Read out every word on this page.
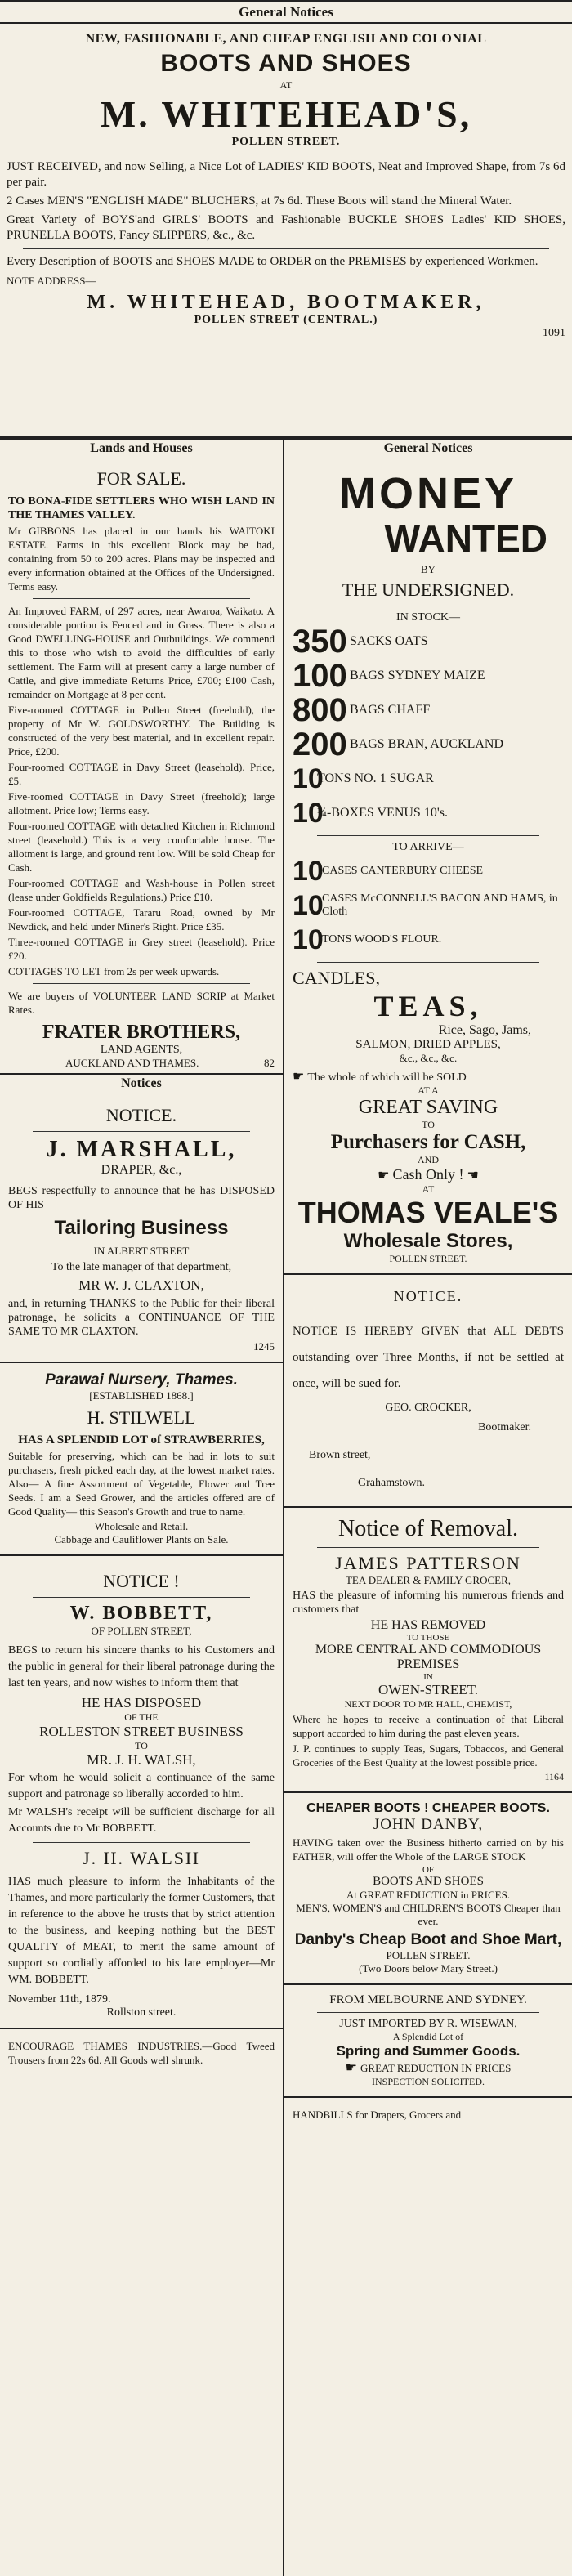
General Notices
NEW, FASHIONABLE, AND CHEAP ENGLISH AND COLONIAL
BOOTS AND SHOES
AT
M. WHITEHEAD'S,
POLLEN STREET.
JUST RECEIVED, and now Selling, a Nice Lot of LADIES' KID BOOTS, Neat and Improved Shape, from 7s 6d per pair.
2 Cases MEN'S "ENGLISH MADE" BLUCHERS, at 7s 6d. These Boots will stand the Mineral Water.
Great Variety of BOYS'and GIRLS' BOOTS and Fashionable BUCKLE SHOES Ladies' KID SHOES, PRUNELLA BOOTS, Fancy SLIPPERS, &c., &c.
Every Description of BOOTS and SHOES MADE to ORDER on the PREMISES by experienced Workmen.
NOTE ADDRESS—
M. WHITEHEAD, BOOTMAKER,
POLLEN STREET (CENTRAL.)
1091
Lands and Houses
FOR SALE.
TO BONA-FIDE SETTLERS WHO WISH LAND IN THE THAMES VALLEY.
Mr GIBBONS has placed in our hands his WAITOKI ESTATE. Farms in this excellent Block may be had, containing from 50 to 200 acres. Plans may be inspected and every information obtained at the Offices of the Undersigned. Terms easy.
An Improved FARM, of 297 acres, near Awaroa, Waikato. A considerable portion is Fenced and in Grass. There is also a Good DWELLING-HOUSE and Outbuildings. We commend this to those who wish to avoid the difficulties of early settlement. The Farm will at present carry a large number of Cattle, and give immediate Returns Price, £700; £100 Cash, remainder on Mortgage at 8 per cent.
Five-roomed COTTAGE in Pollen Street (freehold), the property of Mr W. GOLDSWORTHY. The Building is constructed of the very best material, and in excellent repair. Price, £200.
Four-roomed COTTAGE in Davy Street (leasehold). Price, £5.
Five-roomed COTTAGE in Davy Street (freehold); large allotment. Price low; Terms easy.
Four-roomed COTTAGE with detached Kitchen in Richmond street (leasehold.) This is a very comfortable house. The allotment is large, and ground rent low. Will be sold Cheap for Cash.
Four-roomed COTTAGE and Wash-house in Pollen street (lease under Goldfields Regulations.) Price £10.
Four-roomed COTTAGE, Tararu Road, owned by Mr Newdick, and held under Miner's Right. Price £35.
Three-roomed COTTAGE in Grey street (leasehold). Price £20.
COTTAGES TO LET from 2s per week upwards.
We are buyers of VOLUNTEER LAND SCRIP at Market Rates.
FRATER BROTHERS,
LAND AGENTS,
AUCKLAND AND THAMES.	82
Notices
NOTICE.
J. MARSHALL,
DRAPER, &c.,
BEGS respectfully to announce that he has DISPOSED OF HIS
Tailoring Business
IN ALBERT STREET
To the late manager of that department,
MR W. J. CLAXTON,
and, in returning THANKS to the Public for their liberal patronage, he solicits a CONTINUANCE OF THE SAME TO MR CLAXTON.
1245
Parawai Nursery, Thames.
[ESTABLISHED 1868.]
H. STILWELL
HAS A SPLENDID LOT of STRAWBERRIES,
Suitable for preserving, which can be had in lots to suit purchasers, fresh picked each day, at the lowest market rates. Also— A fine Assortment of Vegetable, Flower and Tree Seeds. I am a Seed Grower, and the articles offered are of Good Quality— this Season's Growth and true to name.
Wholesale and Retail.
Cabbage and Cauliflower Plants on Sale.
NOTICE !
W. BOBBETT,
OF POLLEN STREET,
BEGS to return his sincere thanks to his Customers and the public in general for their liberal patronage during the last ten years, and now wishes to inform them that
HE HAS DISPOSED
OF THE
ROLLESTON STREET BUSINESS
TO
MR. J. H. WALSH,
For whom he would solicit a continuance of the same support and patronage so liberally accorded to him.
Mr WALSH's receipt will be sufficient discharge for all Accounts due to Mr BOBBETT.
J. H. WALSH
HAS much pleasure to inform the Inhabitants of the Thames, and more particularly the former Customers, that in reference to the above he trusts that by strict attention to the business, and keeping nothing but the BEST QUALITY of MEAT, to merit the same amount of support so cordially afforded to his late employer—Mr WM. BOBBETT.
November 11th, 1879.
Rollston street.
ENCOURAGE THAMES INDUSTRIES.—Good Tweed Trousers from 22s 6d. All Goods well shrunk.
General Notices
MONEY
WANTED
BY
THE UNDERSIGNED.
IN STOCK—
350 SACKS OATS
100 BAGS SYDNEY MAIZE
800 BAGS CHAFF
200 BAGS BRAN, AUCKLAND
10
TONS NO. 1 SUGAR
10
¼-BOXES VENUS 10's.
TO ARRIVE—
10
CASES CANTERBURY CHEESE
10
CASES McCONNELL'S BACON AND HAMS, in Cloth
10
TONS WOOD'S FLOUR.
CANDLES,
TEAS,
Rice, Sago, Jams,
SALMON, DRIED APPLES,
&c., &c., &c.
☛ The whole of which will be SOLD
AT A
GREAT SAVING
TO
Purchasers for CASH,
AND
☛ Cash Only ! ☚
AT
THOMAS VEALE'S
Wholesale Stores,
POLLEN STREET.
NOTICE.
NOTICE IS HEREBY GIVEN that ALL DEBTS outstanding over Three Months, if not be settled at once, will be sued for.
GEO. CROCKER,
Bootmaker.
Brown street,
Grahamstown.
Notice of Removal.
JAMES PATTERSON
TEA DEALER & FAMILY GROCER,
HAS the pleasure of informing his numerous friends and customers that
HE HAS REMOVED
TO THOSE
MORE CENTRAL AND COMMODIOUS PREMISES
IN
OWEN-STREET.
NEXT DOOR TO MR HALL, CHEMIST,
Where he hopes to receive a continuation of that Liberal support accorded to him during the past eleven years.
J. P. continues to supply Teas, Sugars, Tobaccos, and General Groceries of the Best Quality at the lowest possible price.
1164
CHEAPER BOOTS ! CHEAPER BOOTS.
JOHN DANBY,
HAVING taken over the Business hitherto carried on by his FATHER, will offer the Whole of the LARGE STOCK
OF
BOOTS AND SHOES
At GREAT REDUCTION in PRICES.
MEN'S, WOMEN'S and CHILDREN'S BOOTS Cheaper than ever.
Danby's Cheap Boot and Shoe Mart,
POLLEN STREET.
(Two Doors below Mary Street.)
FROM MELBOURNE AND SYDNEY.
JUST IMPORTED BY R. WISEWAN,
A Splendid Lot of
Spring and Summer Goods.
☛ GREAT REDUCTION IN PRICES
INSPECTION SOLICITED.
HANDBILLS for Drapers, Grocers and
